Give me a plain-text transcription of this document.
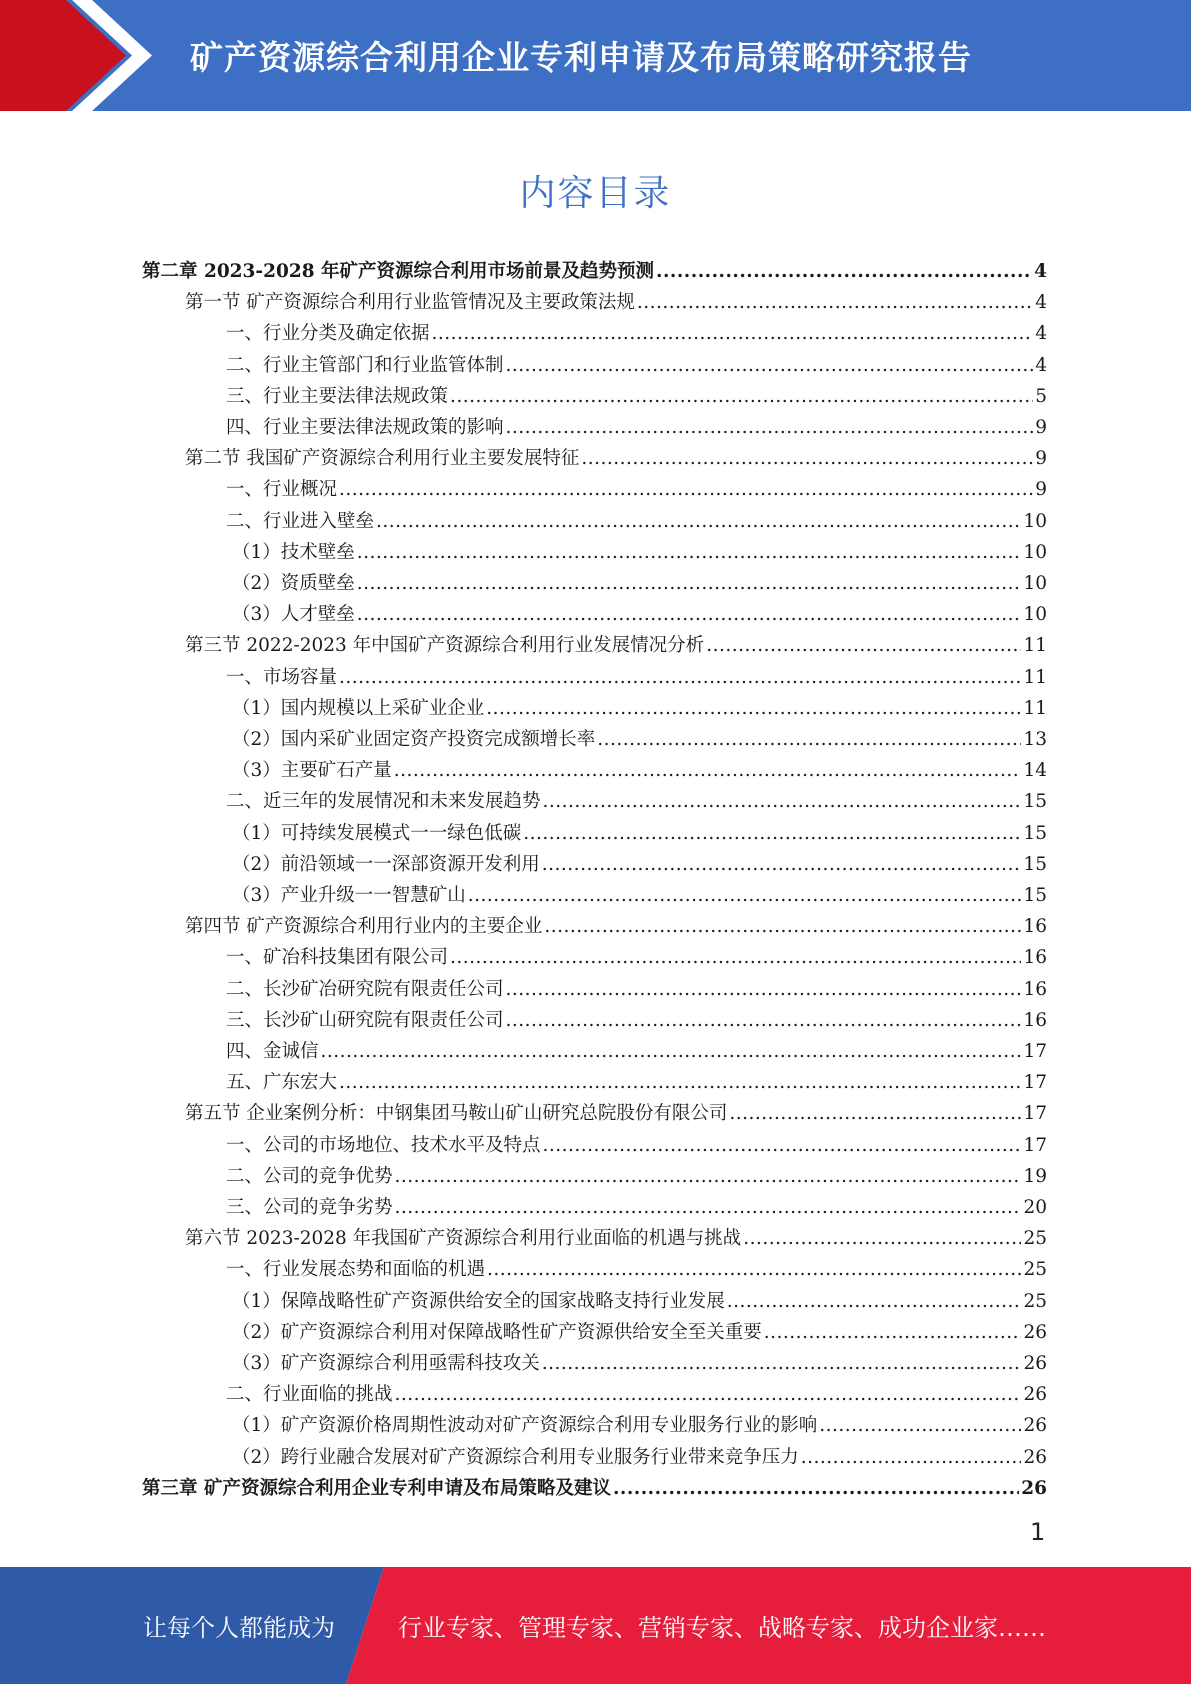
矿产资源综合利用企业专利申请及布局策略研究报告
内容目录
第二章 2023-2028 年矿产资源综合利用市场前景及趋势预测 .....	4
第一节 矿产资源综合利用行业监管情况及主要政策法规 .....	4
一、行业分类及确定依据 .....	4
二、行业主管部门和行业监管体制 .....	4
三、行业主要法律法规政策 .....	5
四、行业主要法律法规政策的影响 .....	9
第二节 我国矿产资源综合利用行业主要发展特征 .....	9
一、行业概况 .....	9
二、行业进入壁垒 .....	10
（1）技术壁垒 .....	10
（2）资质壁垒 .....	10
（3）人才壁垒 .....	10
第三节 2022-2023 年中国矿产资源综合利用行业发展情况分析 .....	11
一、市场容量 .....	11
（1）国内规模以上采矿业企业 .....	11
（2）国内采矿业固定资产投资完成额增长率 .....	13
（3）主要矿石产量 .....	14
二、近三年的发展情况和未来发展趋势 .....	15
（1）可持续发展模式一一绿色低碳 .....	15
（2）前沿领域一一深部资源开发利用 .....	15
（3）产业升级一一智慧矿山 .....	15
第四节 矿产资源综合利用行业内的主要企业 .....	16
一、矿冶科技集团有限公司 .....	16
二、长沙矿冶研究院有限责任公司 .....	16
三、长沙矿山研究院有限责任公司 .....	16
四、金诚信 .....	17
五、广东宏大 .....	17
第五节 企业案例分析：中钢集团马鞍山矿山研究总院股份有限公司 .....	17
一、公司的市场地位、技术水平及特点 .....	17
二、公司的竞争优势 .....	19
三、公司的竞争劣势 .....	20
第六节 2023-2028 年我国矿产资源综合利用行业面临的机遇与挑战 .....	25
一、行业发展态势和面临的机遇 .....	25
（1）保障战略性矿产资源供给安全的国家战略支持行业发展 .....	25
（2）矿产资源综合利用对保障战略性矿产资源供给安全至关重要 .....	26
（3）矿产资源综合利用亟需科技攻关 .....	26
二、行业面临的挑战 .....	26
（1）矿产资源价格周期性波动对矿产资源综合利用专业服务行业的影响 .....	26
（2）跨行业融合发展对矿产资源综合利用专业服务行业带来竞争压力 .....	26
第三章 矿产资源综合利用企业专利申请及布局策略及建议 .....	26
1
让每个人都能成为	行业专家、管理专家、营销专家、战略专家、成功企业家……
